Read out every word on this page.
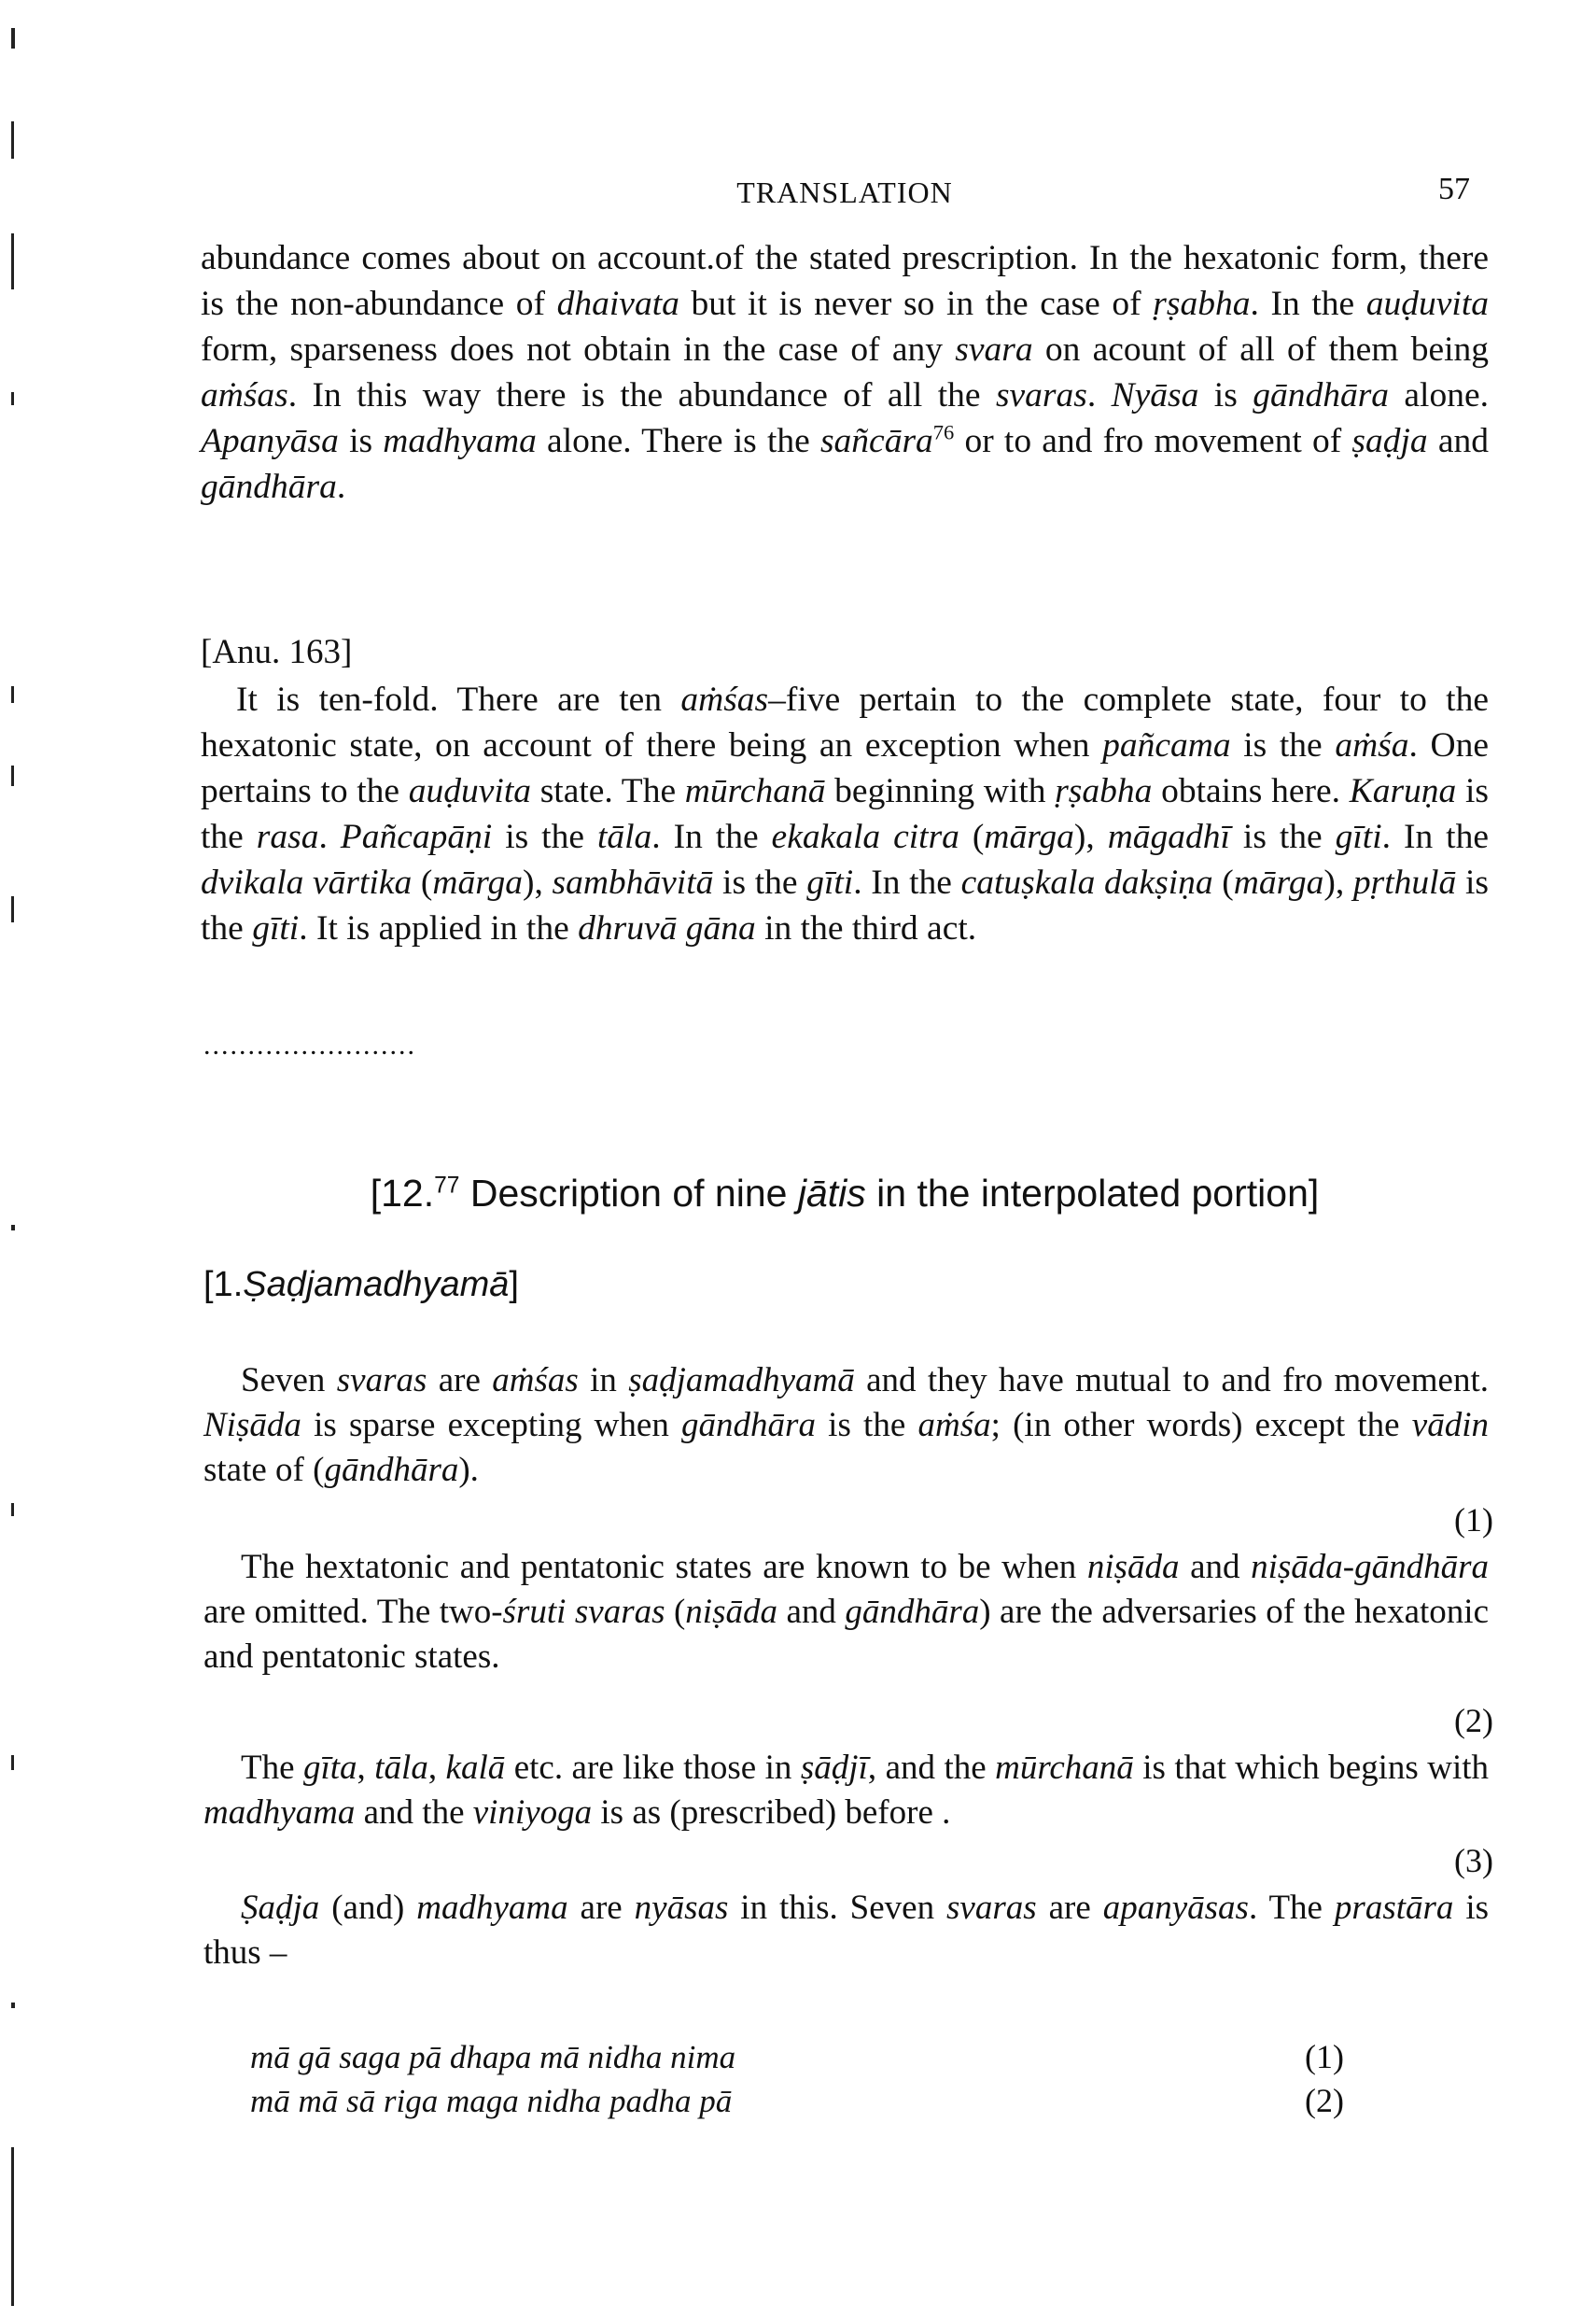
TRANSLATION	57

abundance comes about on account.of the stated prescription. In the hexatonic form, there is the non-abundance of dhaivata but it is never so in the case of ṛṣabha. In the auḍuvita form, sparseness does not obtain in the case of any svara on acount of all of them being aṁśas. In this way there is the abundance of all the svaras. Nyāsa is gāndhāra alone. Apanyāsa is madhyama alone. There is the sañcāra$^{76}$ or to and fro movement of ṣaḍja and gāndhāra.

[Anu. 163]

It is ten-fold. There are ten aṁśas–five pertain to the complete state, four to the hexatonic state, on account of there being an exception when pañcama is the aṁśa. One pertains to the auḍuvita state. The mūrchanā beginning with ṛṣabha obtains here. Karuṇa is the rasa. Pañcapāṇi is the tāla. In the ekakala citra (mārga), māgadhī is the gīti. In the dvikala vārtika (mārga), sambhāvitā is the gīti. In the catuṣkala dakṣiṇa (mārga), pṛthulā is the gīti. It is applied in the dhruvā gāna in the third act.

........................
[12.77 Description of nine jātis in the interpolated portion]
[1.Ṣaḍjamadhyamā]

Seven svaras are aṁśas in ṣaḍjamadhyamā and they have mutual to and fro movement. Niṣāda is sparse excepting when gāndhāra is the aṁśa; (in other words) except the vādin state of (gāndhāra).

(1)

The hextatonic and pentatonic states are known to be when niṣāda and niṣāda-gāndhāra are omitted. The two-śruti svaras (niṣāda and gāndhāra) are the adversaries of the hexatonic and pentatonic states.

(2)

The gīta, tāla, kalā etc. are like those in ṣāḍjī, and the mūrchanā is that which begins with madhyama and the viniyoga is as (prescribed) before .

(3)

Ṣaḍja (and) madhyama are nyāsas in this. Seven svaras are apanyāsas. The prastāra is thus –

mā gā saga pā dhapa mā nidha nima	(1)
mā mā sā riga maga nidha padha pā	(2)
